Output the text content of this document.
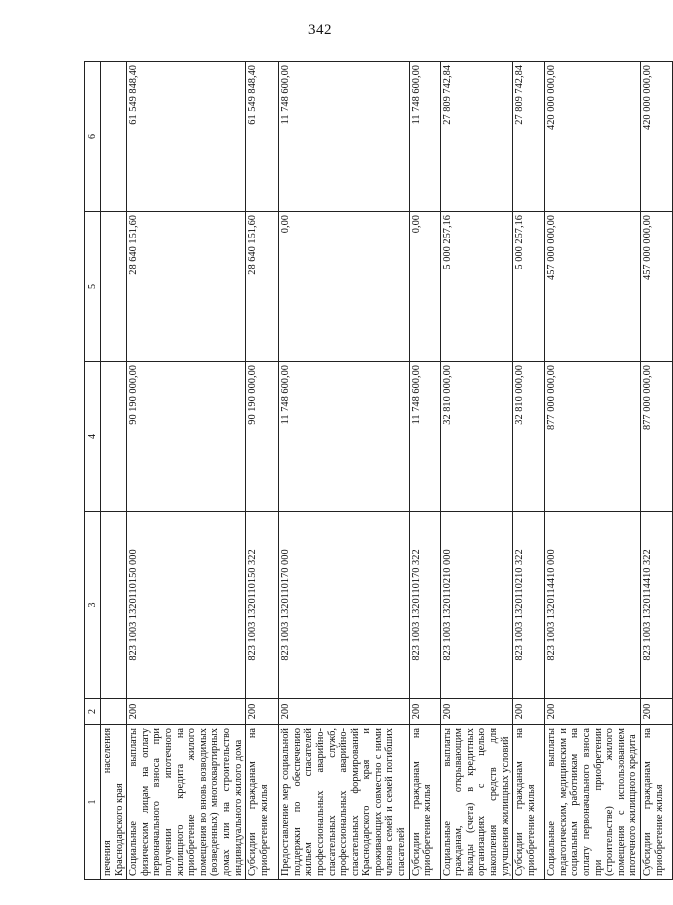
342
1	2	3	4	5	6
печения населения Краснодарского края					
Социальные выплаты физическим лицам на оплату первоначального взноса при получении ипотечного жилищного кредита на приобретение жилого помещения во вновь возводимых (возведенных) многоквартирных домах или на строительство индивидуального жилого дома	200	823 1003 1320110150 000	90 190 000,00	28 640 151,60	61 549 848,40
Субсидии гражданам на приобретение жилья	200	823 1003 1320110150 322	90 190 000,00	28 640 151,60	61 549 848,40
Предоставление мер социальной поддержки по обеспечению жильем спасателей профессиональных аварийно-спасательных служб, профессиональных аварийно-спасательных формирований Краснодарского края и проживающих совместно с ними членов семей и семей погибших спасателей	200	823 1003 1320110170 000	11 748 600,00	0,00	11 748 600,00
Субсидии гражданам на приобретение жилья	200	823 1003 1320110170 322	11 748 600,00	0,00	11 748 600,00
Социальные выплаты гражданам, открывающим вклады (счета) в кредитных организациях с целью накопления средств для улучшения жилищных условий	200	823 1003 1320110210 000	32 810 000,00	5 000 257,16	27 809 742,84
Субсидии гражданам на приобретение жилья	200	823 1003 1320110210 322	32 810 000,00	5 000 257,16	27 809 742,84
Социальные выплаты педагогическим, медицинским и социальным работникам на оплату первоначального взноса при приобретении (строительстве) жилого помещения с использованием ипотечного жилищного кредита	200	823 1003 1320114410 000	877 000 000,00	457 000 000,00	420 000 000,00
Субсидии гражданам на приобретение жилья	200	823 1003 1320114410 322	877 000 000,00	457 000 000,00	420 000 000,00
